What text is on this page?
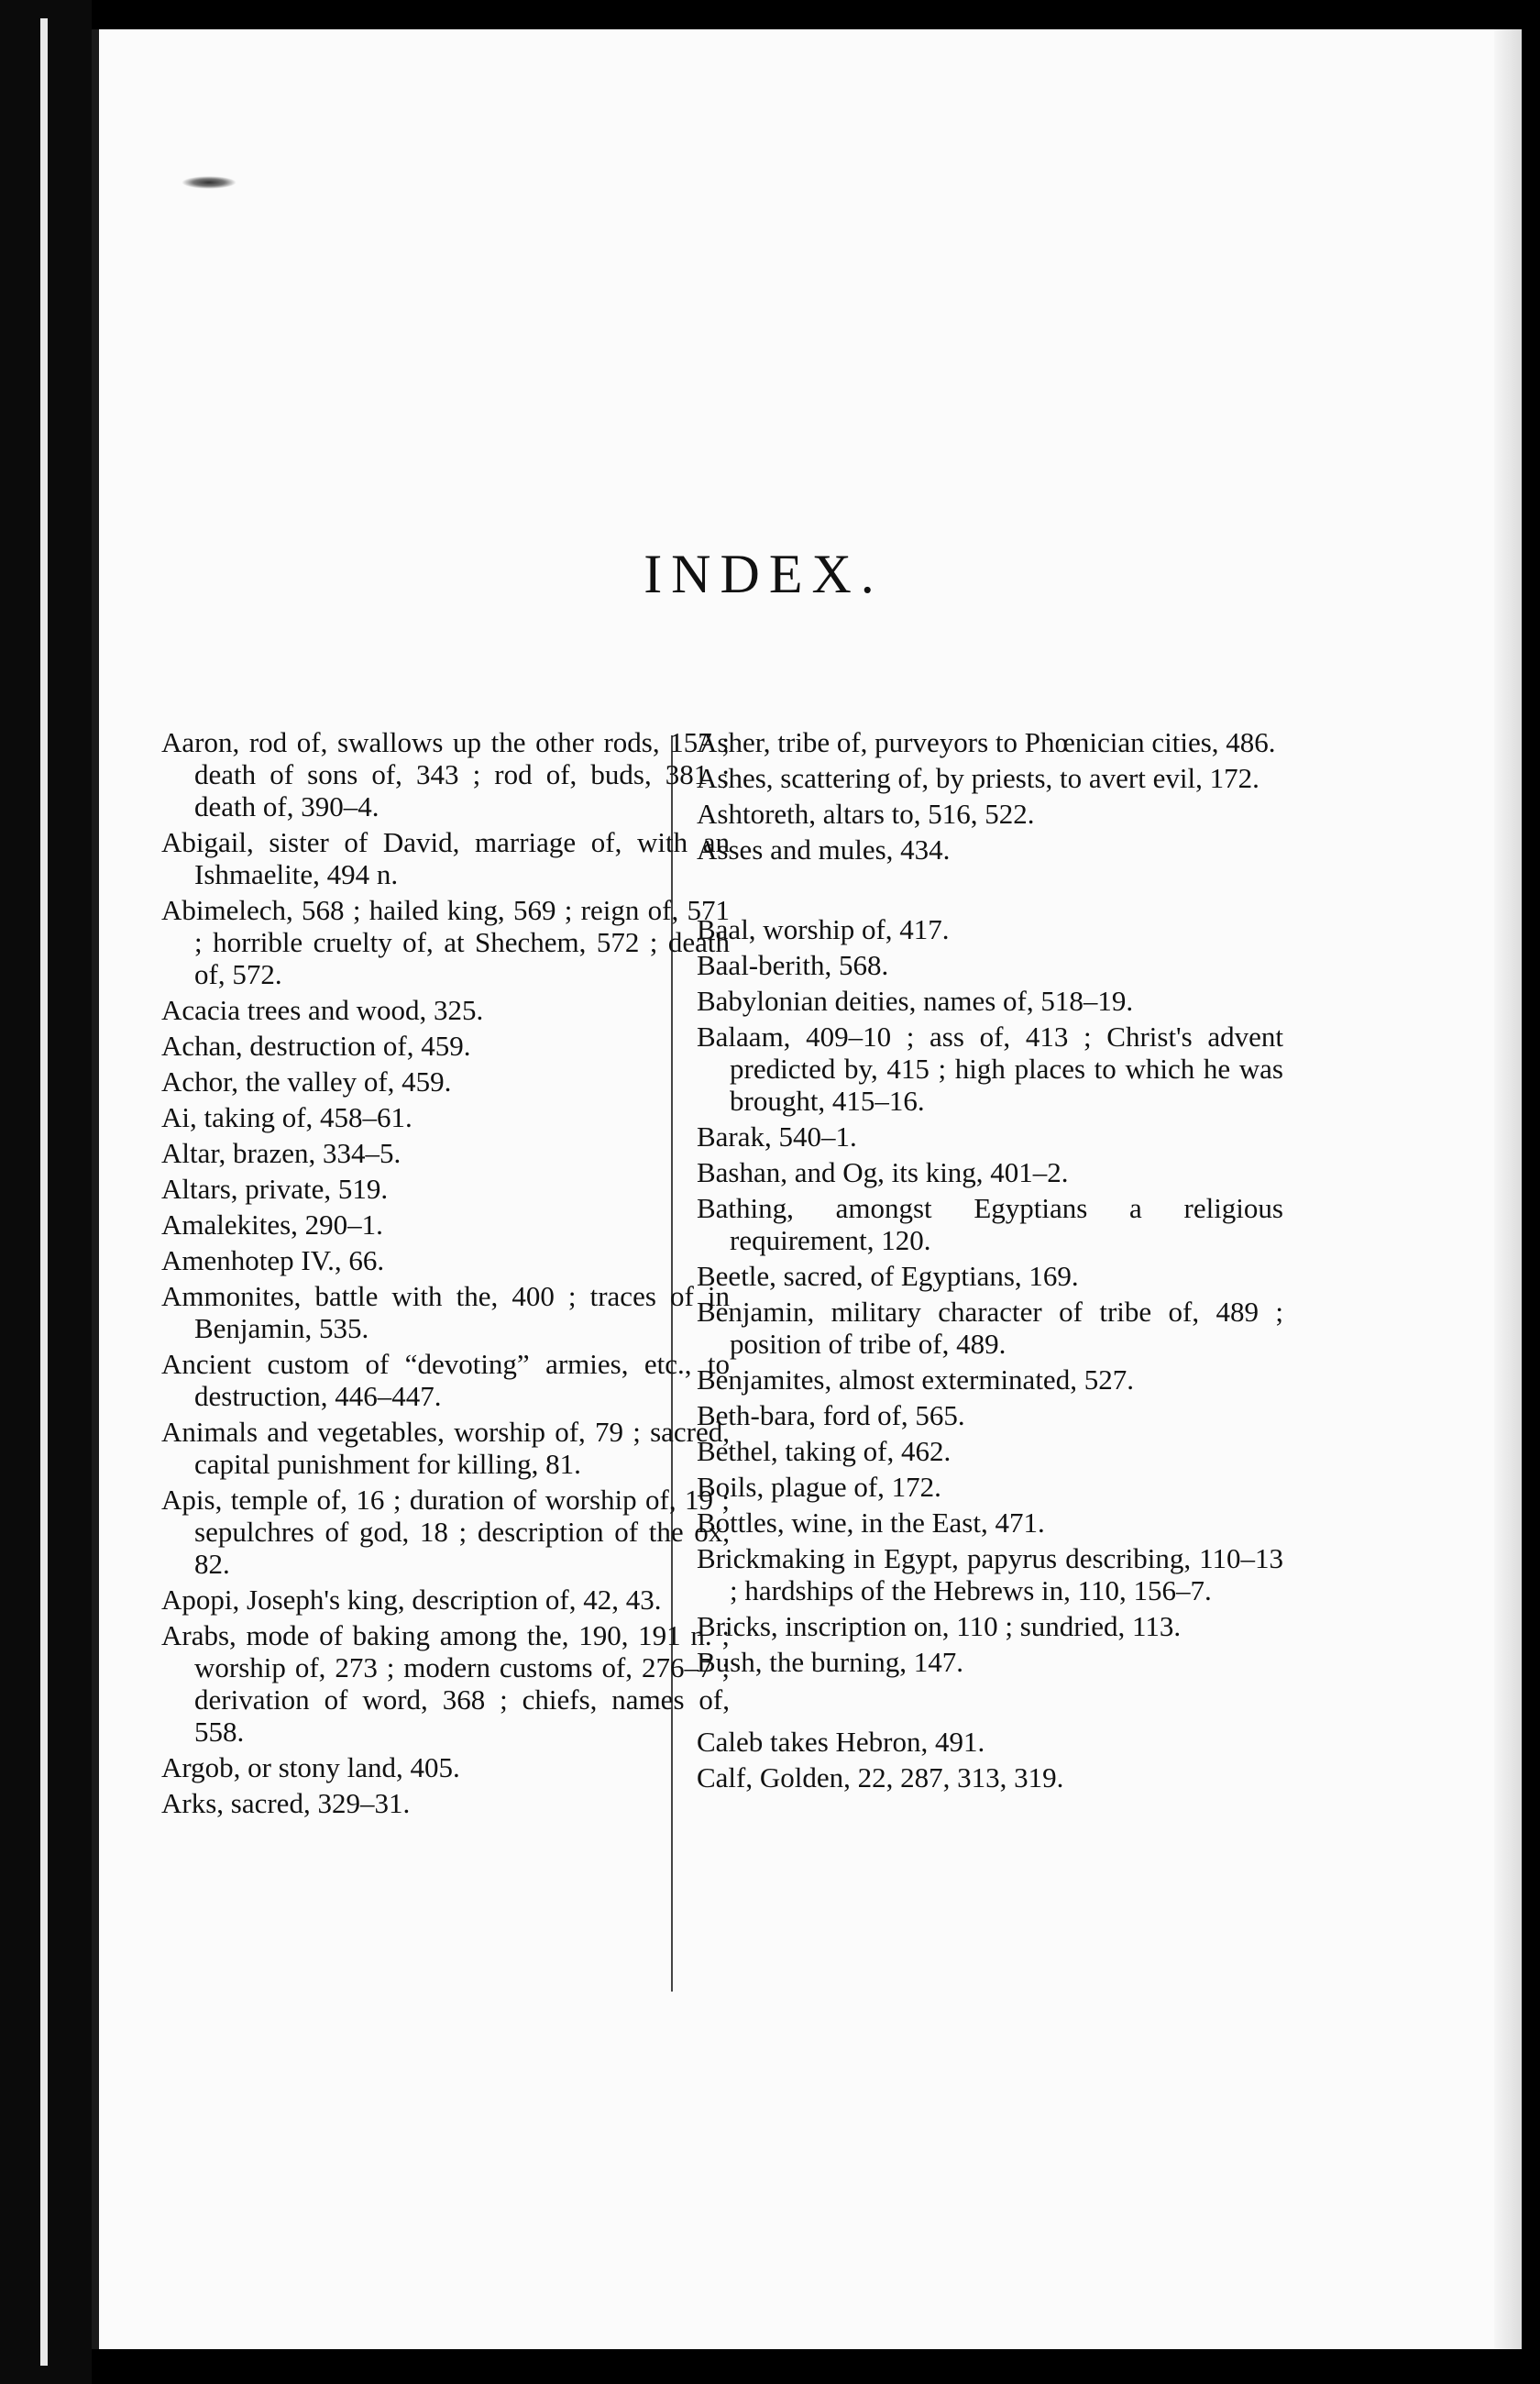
INDEX.

Aaron, rod of, swallows up the other rods, 157 ; death of sons of, 343 ; rod of, buds, 381 ; death of, 390–4.

Abigail, sister of David, marriage of, with an Ishmaelite, 494 n.

Abimelech, 568 ; hailed king, 569 ; reign of, 571 ; horrible cruelty of, at Shechem, 572 ; death of, 572.

Acacia trees and wood, 325.

Achan, destruction of, 459.

Achor, the valley of, 459.

Ai, taking of, 458–61.

Altar, brazen, 334–5.

Altars, private, 519.

Amalekites, 290–1.

Amenhotep IV., 66.

Ammonites, battle with the, 400 ; traces of in Benjamin, 535.

Ancient custom of “devoting” armies, etc., to destruction, 446–447.

Animals and vegetables, worship of, 79 ; sacred, capital punishment for killing, 81.

Apis, temple of, 16 ; duration of worship of, 19 ; sepulchres of god, 18 ; description of the ox, 82.

Apopi, Joseph's king, description of, 42, 43.

Arabs, mode of baking among the, 190, 191 n. ; worship of, 273 ; modern customs of, 276–7 ; derivation of word, 368 ; chiefs, names of, 558.

Argob, or stony land, 405.

Arks, sacred, 329–31.

Asher, tribe of, purveyors to Phœnician cities, 486.

Ashes, scattering of, by priests, to avert evil, 172.

Ashtoreth, altars to, 516, 522.

Asses and mules, 434.

Baal, worship of, 417.

Baal-berith, 568.

Babylonian deities, names of, 518–19.

Balaam, 409–10 ; ass of, 413 ; Christ's advent predicted by, 415 ; high places to which he was brought, 415–16.

Barak, 540–1.

Bashan, and Og, its king, 401–2.

Bathing, amongst Egyptians a religious requirement, 120.

Beetle, sacred, of Egyptians, 169.

Benjamin, military character of tribe of, 489 ; position of tribe of, 489.

Benjamites, almost exterminated, 527.

Beth-bara, ford of, 565.

Bethel, taking of, 462.

Boils, plague of, 172.

Bottles, wine, in the East, 471.

Brickmaking in Egypt, papyrus describing, 110–13 ; hardships of the Hebrews in, 110, 156–7.

Bricks, inscription on, 110 ; sundried, 113.

Bush, the burning, 147.

Caleb takes Hebron, 491.

Calf, Golden, 22, 287, 313, 319.
